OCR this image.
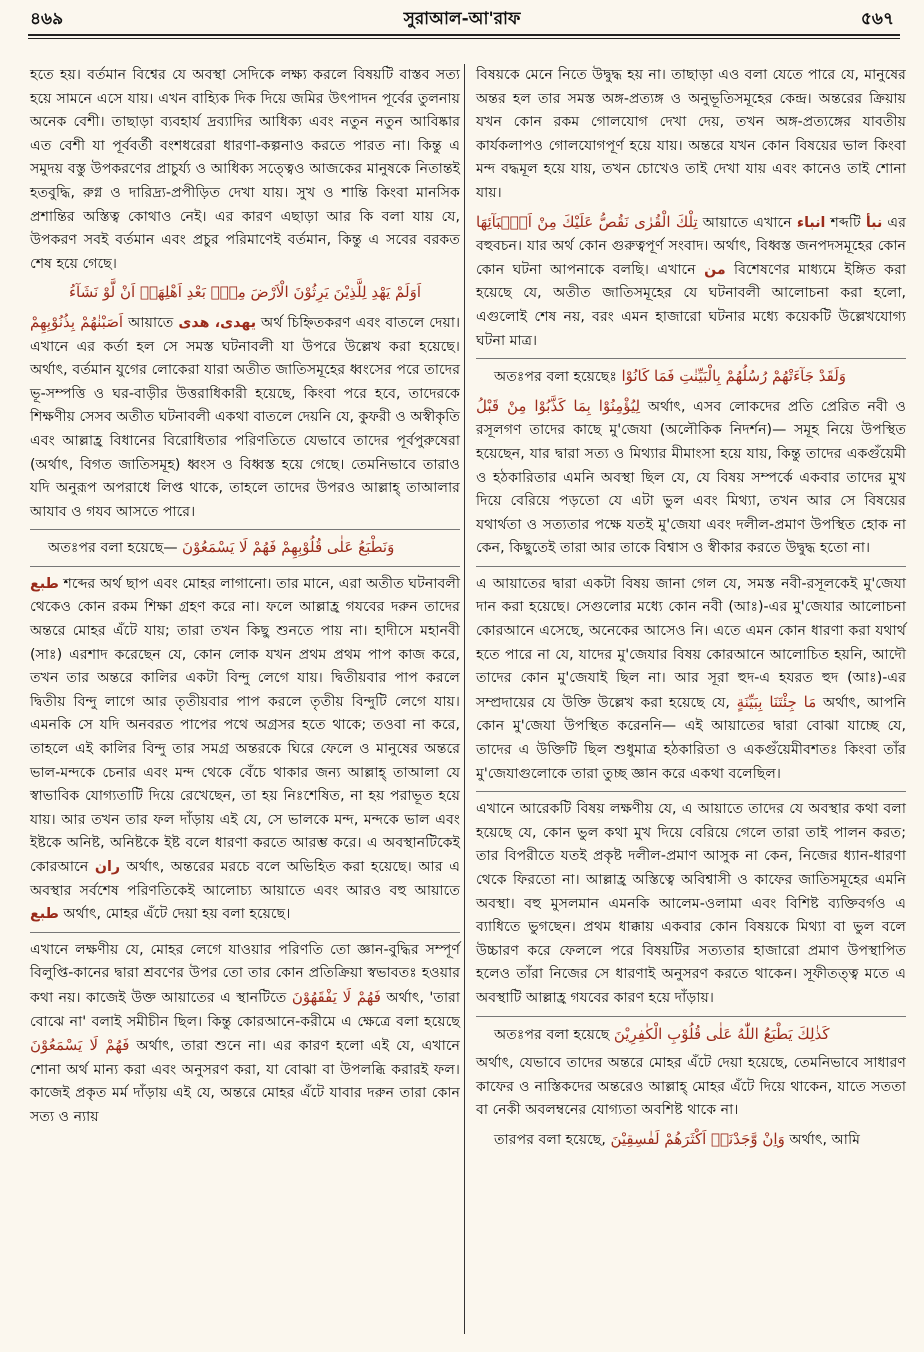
৪৬৯	সুরাআল-আ'রাফ	৫৬৭

হতে হয়। বর্তমান বিশ্বের যে অবস্থা সেদিকে লক্ষ্য করলে বিষয়টি বাস্তব সত্য হয়ে সামনে এসে যায়। এখন বাহ্যিক দিক দিয়ে জমির উৎপাদন পূর্বের তুলনায় অনেক বেশী। তাছাড়া ব্যবহার্য দ্রব্যাদির আধিক্য এবং নতুন নতুন আবিষ্কার এত বেশী যা পূর্ববর্তী বংশধরেরা ধারণা-কল্পনাও করতে পারত না। কিন্তু এ সমুদয় বস্তু উপকরণের প্রাচুর্য্য ও আধিক্য সত্ত্বেও আজকের মানুষকে নিতান্তই হতবুদ্ধি, রুগ্ন ও দারিদ্র্য-প্রপীড়িত দেখা যায়। সুখ ও শান্তি কিংবা মানসিক প্রশান্তির অস্তিত্ব কোথাও নেই। এর কারণ এছাড়া আর কি বলা যায় যে, উপকরণ সবই বর্তমান এবং প্রচুর পরিমাণেই বর্তমান, কিন্তু এ সবের বরকত শেষ হয়ে গেছে।

اَوَلَمْ يَهْدِ لِلَّذِيْنَ يَرِثُوْنَ الْاَرْضَ مِنْۢ بَعْدِ اَهْلِهَاۤ اَنْ لَّوْ نَشَآءُ

اَصَبْنٰهُمْ بِذُنُوْبِهِمْ আয়াতে يهدى، هدى অর্থ চিহ্নিতকরণ এবং বাতলে দেয়া। এখানে এর কর্তা হল সে সমস্ত ঘটনাবলী যা উপরে উল্লেখ করা হয়েছে। অর্থাৎ, বর্তমান যুগের লোকেরা যারা অতীত জাতিসমূহের ধ্বংসের পরে তাদের ভূ-সম্পত্তি ও ঘর-বাড়ীর উত্তরাধিকারী হয়েছে, কিংবা পরে হবে, তাদেরকে শিক্ষণীয় সেসব অতীত ঘটনাবলী একথা বাতলে দেয়নি যে, কুফরী ও অস্বীকৃতি এবং আল্লাহ্র বিধানের বিরোধিতার পরিণতিতে যেভাবে তাদের পূর্বপুরুষেরা (অর্থাৎ, বিগত জাতিসমূহ) ধ্বংস ও বিধ্বস্ত হয়ে গেছে। তেমনিভাবে তারাও যদি অনুরূপ অপরাধে লিপ্ত থাকে, তাহলে তাদের উপরও আল্লাহ্ তাআলার আযাব ও গযব আসতে পারে।

অতঃপর বলা হয়েছে— وَنَطْبَعُ عَلٰى قُلُوْبِهِمْ فَهُمْ لَا يَسْمَعُوْنَ

طبع শব্দের অর্থ ছাপ এবং মোহর লাগানো। তার মানে, এরা অতীত ঘটনাবলী থেকেও কোন রকম শিক্ষা গ্রহণ করে না। ফলে আল্লাহ্র গযবের দরুন তাদের অন্তরে মোহর এঁটে যায়; তারা তখন কিছু শুনতে পায় না। হাদীসে মহানবী (সাঃ) এরশাদ করেছেন যে, কোন লোক যখন প্রথম প্রথম পাপ কাজ করে, তখন তার অন্তরে কালির একটা বিন্দু লেগে যায়। দ্বিতীয়বার পাপ করলে দ্বিতীয় বিন্দু লাগে আর তৃতীয়বার পাপ করলে তৃতীয় বিন্দুটি লেগে যায়। এমনকি সে যদি অনবরত পাপের পথে অগ্রসর হতে থাকে; তওবা না করে, তাহলে এই কালির বিন্দু তার সমগ্র অন্তরকে ঘিরে ফেলে ও মানুষের অন্তরে ভাল-মন্দকে চেনার এবং মন্দ থেকে বেঁচে থাকার জন্য আল্লাহ্ তাআলা যে স্বাভাবিক যোগ্যতাটি দিয়ে রেখেছেন, তা হয় নিঃশেষিত, না হয় পরাভূত হয়ে যায়। আর তখন তার ফল দাঁড়ায় এই যে, সে ভালকে মন্দ, মন্দকে ভাল এবং ইষ্টকে অনিষ্ট, অনিষ্টকে ইষ্ট বলে ধারণা করতে আরম্ভ করে। এ অবস্থানটিকেই কোরআনে ران অর্থাৎ, অন্তরের মরচে বলে অভিহিত করা হয়েছে। আর এ অবস্থার সর্বশেষ পরিণতিকেই আলোচ্য আয়াতে এবং আরও বহু আয়াতে طبع অর্থাৎ, মোহর এঁটে দেয়া হয় বলা হয়েছে।

এখানে লক্ষণীয় যে, মোহর লেগে যাওয়ার পরিণতি তো জ্ঞান-বুদ্ধির সম্পূর্ণ বিলুপ্তি-কানের দ্বারা শ্রবণের উপর তো তার কোন প্রতিক্রিয়া স্বভাবতঃ হওয়ার কথা নয়। কাজেই উক্ত আয়াতের এ স্থানটিতে فَهُمْ لَا يَفْقَهُوْنَ অর্থাৎ, 'তারা বোঝে না' বলাই সমীচীন ছিল। কিন্তু কোরআনে-করীমে এ ক্ষেত্রে বলা হয়েছে فَهُمْ لَا يَسْمَعُوْنَ অর্থাৎ, তারা শুনে না। এর কারণ হলো এই যে, এখানে শোনা অর্থ মান্য করা এবং অনুসরণ করা, যা বোঝা বা উপলব্ধি করারই ফল। কাজেই প্রকৃত মর্ম দাঁড়ায় এই যে, অন্তরে মোহর এঁটে যাবার দরুন তারা কোন সত্য ও ন্যায়

বিষয়কে মেনে নিতে উদ্বুদ্ধ হয় না। তাছাড়া এও বলা যেতে পারে যে, মানুষের অন্তর হল তার সমস্ত অঙ্গ-প্রত্যঙ্গ ও অনুভূতিসমূহের কেন্দ্র। অন্তরের ক্রিয়ায় যখন কোন রকম গোলযোগ দেখা দেয়, তখন অঙ্গ-প্রত্যঙ্গের যাবতীয় কার্যকলাপও গোলযোগপূর্ণ হয়ে যায়। অন্তরে যখন কোন বিষয়ের ভাল কিংবা মন্দ বদ্ধমূল হয়ে যায়, তখন চোখেও তাই দেখা যায় এবং কানেও তাই শোনা যায়।

تِلْكَ الْقُرٰى نَقُصُّ عَلَيْكَ مِنْ اَنْۢبَآئِهَا আয়াতে এখানে انباء শব্দটি نبأ এর বহুবচন। যার অর্থ কোন গুরুত্বপূর্ণ সংবাদ। অর্থাৎ, বিধ্বস্ত জনপদসমূহের কোন কোন ঘটনা আপনাকে বলছি। এখানে من বিশেষণের মাধ্যমে ইঙ্গিত করা হয়েছে যে, অতীত জাতিসমূহের যে ঘটনাবলী আলোচনা করা হলো, এগুলোই শেষ নয়, বরং এমন হাজারো ঘটনার মধ্যে কয়েকটি উল্লেখযোগ্য ঘটনা মাত্র।

অতঃপর বলা হয়েছেঃ وَلَقَدْ جَآءَتْهُمْ رُسُلُهُمْ بِالْبَيِّنٰتِ فَمَا كَانُوْا

لِيُؤْمِنُوْا بِمَا كَذَّبُوْا مِنْ قَبْلُ অর্থাৎ, এসব লোকদের প্রতি প্রেরিত নবী ও রসূলগণ তাদের কাছে মু'জেযা (অলৌকিক নিদর্শন)— সমূহ নিয়ে উপস্থিত হয়েছেন, যার দ্বারা সত্য ও মিথ্যার মীমাংসা হয়ে যায়, কিন্তু তাদের একগুঁয়েমী ও হঠকারিতার এমনি অবস্থা ছিল যে, যে বিষয় সম্পর্কে একবার তাদের মুখ দিয়ে বেরিয়ে পড়তো যে এটা ভুল এবং মিথ্যা, তখন আর সে বিষয়ের যথার্থতা ও সত্যতার পক্ষে যতই মু'জেযা এবং দলীল-প্রমাণ উপস্থিত হোক না কেন, কিছুতেই তারা আর তাকে বিশ্বাস ও স্বীকার করতে উদ্বুদ্ধ হতো না।

এ আয়াতের দ্বারা একটা বিষয় জানা গেল যে, সমস্ত নবী-রসূলকেই মু'জেযা দান করা হয়েছে। সেগুলোর মধ্যে কোন নবী (আঃ)-এর মু'জেযার আলোচনা কোরআনে এসেছে, অনেকের আসেও নি। এতে এমন কোন ধারণা করা যথার্থ হতে পারে না যে, যাদের মু'জেযার বিষয় কোরআনে আলোচিত হয়নি, আদৌ তাদের কোন মু'জেযাই ছিল না। আর সূরা হুদ-এ হযরত হুদ (আঃ)-এর সম্প্রদায়ের যে উক্তি উল্লেখ করা হয়েছে যে, مَا جِئْتَنَا بِبَيِّنَةٍ অর্থাৎ, আপনি কোন মু'জেযা উপস্থিত করেননি— এই আয়াতের দ্বারা বোঝা যাচ্ছে যে, তাদের এ উক্তিটি ছিল শুধুমাত্র হঠকারিতা ও একগুঁয়েমীবশতঃ কিংবা তাঁর মু'জেযাগুলোকে তারা তুচ্ছ জ্ঞান করে একথা বলেছিল।

এখানে আরেকটি বিষয় লক্ষণীয় যে, এ আয়াতে তাদের যে অবস্থার কথা বলা হয়েছে যে, কোন ভুল কথা মুখ দিয়ে বেরিয়ে গেলে তারা তাই পালন করত; তার বিপরীতে যতই প্রকৃষ্ট দলীল-প্রমাণ আসুক না কেন, নিজের ধ্যান-ধারণা থেকে ফিরতো না। আল্লাহ্র অস্তিত্বে অবিশ্বাসী ও কাফের জাতিসমূহের এমনি অবস্থা। বহু মুসলমান এমনকি আলেম-ওলামা এবং বিশিষ্ট ব্যক্তিবর্গও এ ব্যাধিতে ভুগছেন। প্রথম ধাক্কায় একবার কোন বিষয়কে মিথ্যা বা ভুল বলে উচ্চারণ করে ফেললে পরে বিষয়টির সত্যতার হাজারো প্রমাণ উপস্থাপিত হলেও তাঁরা নিজের সে ধারণাই অনুসরণ করতে থাকেন। সূফীতত্ত্ব মতে এ অবস্থাটি আল্লাহ্র গযবের কারণ হয়ে দাঁড়ায়।

অতঃপর বলা হয়েছে كَذٰلِكَ يَطْبَعُ اللّٰهُ عَلٰى قُلُوْبِ الْكٰفِرِيْنَ

অর্থাৎ, যেভাবে তাদের অন্তরে মোহর এঁটে দেয়া হয়েছে, তেমনিভাবে সাধারণ কাফের ও নাস্তিকদের অন্তরেও আল্লাহ্ মোহর এঁটে দিয়ে থাকেন, যাতে সততা বা নেকী অবলম্বনের যোগ্যতা অবশিষ্ট থাকে না।

তারপর বলা হয়েছে, وَاِنْ وَّجَدْنَاۤ اَكْثَرَهُمْ لَفٰسِقِيْنَ অর্থাৎ, আমি
